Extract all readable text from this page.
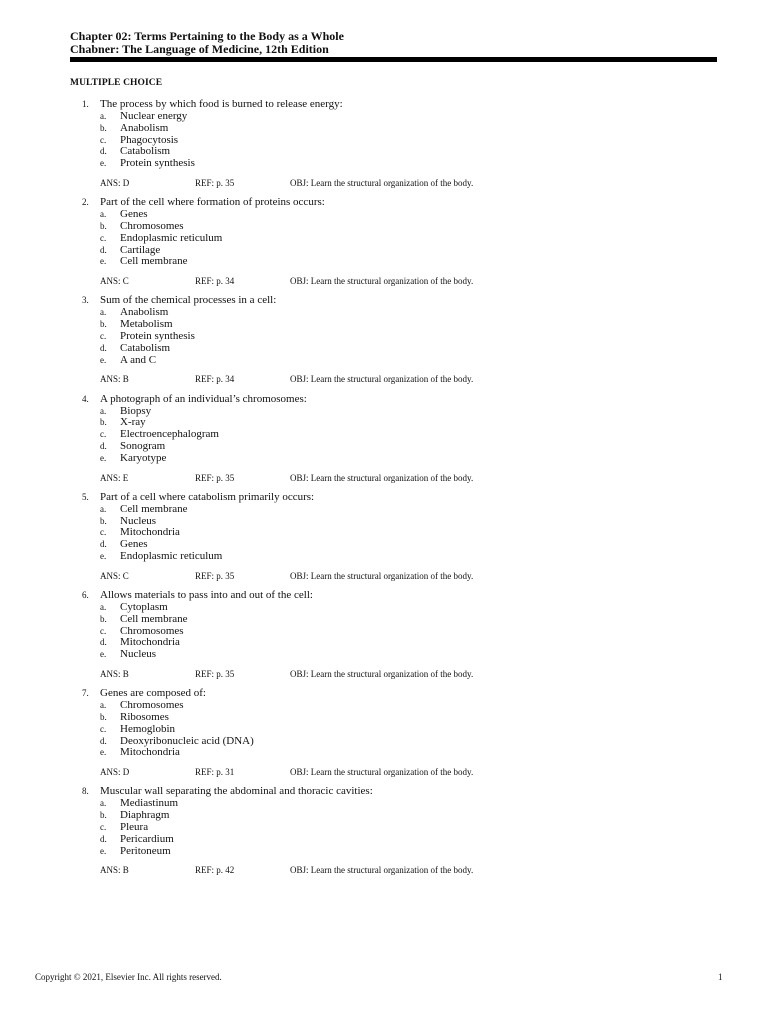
Chapter 02: Terms Pertaining to the Body as a Whole
Chabner: The Language of Medicine, 12th Edition
MULTIPLE CHOICE
1.	The process by which food is burned to release energy:
a. Nuclear energy
b. Anabolism
c. Phagocytosis
d. Catabolism
e. Protein synthesis
ANS: D	REF: p. 35	OBJ: Learn the structural organization of the body.
2.	Part of the cell where formation of proteins occurs:
a. Genes
b. Chromosomes
c. Endoplasmic reticulum
d. Cartilage
e. Cell membrane
ANS: C	REF: p. 34	OBJ: Learn the structural organization of the body.
3.	Sum of the chemical processes in a cell:
a. Anabolism
b. Metabolism
c. Protein synthesis
d. Catabolism
e. A and C
ANS: B	REF: p. 34	OBJ: Learn the structural organization of the body.
4.	A photograph of an individual’s chromosomes:
a. Biopsy
b. X-ray
c. Electroencephalogram
d. Sonogram
e. Karyotype
ANS: E	REF: p. 35	OBJ: Learn the structural organization of the body.
5.	Part of a cell where catabolism primarily occurs:
a. Cell membrane
b. Nucleus
c. Mitochondria
d. Genes
e. Endoplasmic reticulum
ANS: C	REF: p. 35	OBJ: Learn the structural organization of the body.
6.	Allows materials to pass into and out of the cell:
a. Cytoplasm
b. Cell membrane
c. Chromosomes
d. Mitochondria
e. Nucleus
ANS: B	REF: p. 35	OBJ: Learn the structural organization of the body.
7.	Genes are composed of:
a. Chromosomes
b. Ribosomes
c. Hemoglobin
d. Deoxyribonucleic acid (DNA)
e. Mitochondria
ANS: D	REF: p. 31	OBJ: Learn the structural organization of the body.
8.	Muscular wall separating the abdominal and thoracic cavities:
a. Mediastinum
b. Diaphragm
c. Pleura
d. Pericardium
e. Peritoneum
ANS: B	REF: p. 42	OBJ: Learn the structural organization of the body.
Copyright © 2021, Elsevier Inc. All rights reserved.	1
